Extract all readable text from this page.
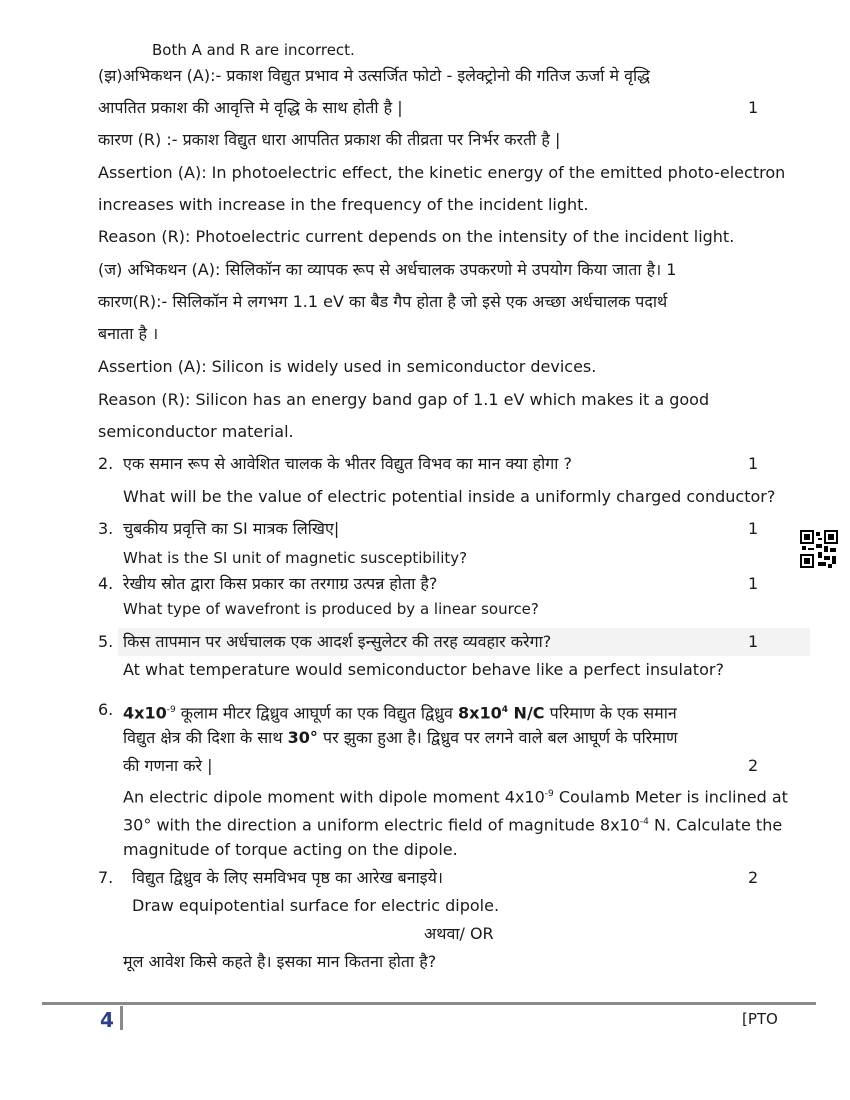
Both A and R are incorrect.
(झ)अभिकथन (A):- प्रकाश विद्युत प्रभाव मे उत्सर्जित फोटो - इलेक्ट्रोनो की गतिज ऊर्जा मे वृद्धि
आपतित प्रकाश की आवृत्ति मे वृद्धि के साथ होती है |	1
कारण (R) :- प्रकाश विद्युत धारा आपतित प्रकाश की तीव्रता पर निर्भर करती है |
Assertion (A): In photoelectric effect, the kinetic energy of the emitted photo-electron
increases with increase in the frequency of the incident light.
Reason (R): Photoelectric current depends on the intensity of the incident light.
(ज) अभिकथन (A): सिलिकॉन का व्यापक रूप से अर्धचालक उपकरणो मे उपयोग किया जाता है। 1
कारण(R):- सिलिकॉन मे लगभग 1.1 eV का बैड गैप होता है जो इसे एक अच्छा अर्धचालक पदार्थ
बनाता है ।
Assertion (A): Silicon is widely used in semiconductor devices.
Reason (R): Silicon has an energy band gap of 1.1 eV which makes it a good
semiconductor material.
2. एक समान रूप से आवेशित चालक के भीतर विद्युत विभव का मान क्या होगा ?	1
What will be the value of electric potential inside a uniformly charged conductor?
3. चुबकीय प्रवृत्ति का SI मात्रक लिखिए|	1
What is the SI unit of magnetic susceptibility?
4. रेखीय स्रोत द्वारा किस प्रकार का तरगाग्र उत्पन्न होता है?	1
What type of wavefront is produced by a linear source?
5. किस तापमान पर अर्धचालक एक आदर्श इन्सुलेटर की तरह व्यवहार करेगा?	1
At what temperature would semiconductor behave like a perfect insulator?
6. $4x10^{-9}$ कूलाम मीटर द्विध्रुव आघूर्ण का एक विद्युत द्विध्रुव $8x10^4$ N/C परिमाण के एक समान
विद्युत क्षेत्र की दिशा के साथ 30° पर झुका हुआ है। द्विध्रुव पर लगने वाले बल आघूर्ण के परिमाण
की गणना करे |	2
An electric dipole moment with dipole moment $4x10^{-9}$ Coulamb Meter is inclined at
30° with the direction a uniform electric field of magnitude $8x10^{-4}$ N. Calculate the
magnitude of torque acting on the dipole.
7. विद्युत द्विध्रुव के लिए समविभव पृष्ठ का आरेख बनाइये।	2
Draw equipotential surface for electric dipole.
अथवा/ OR
मूल आवेश किसे कहते है। इसका मान कितना होता है?
4	[PTO
